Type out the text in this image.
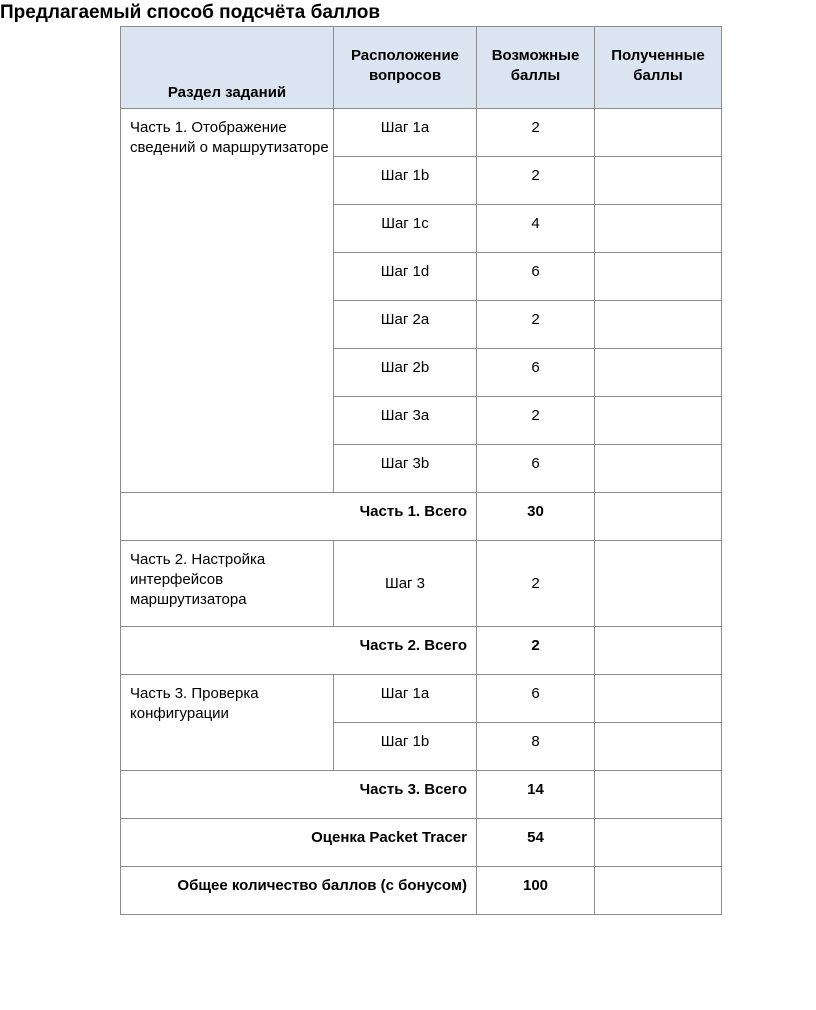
Предлагаемый способ подсчёта баллов
Раздел заданий	Расположение вопросов	Возможные баллы	Полученные баллы
Часть 1. Отображение сведений о маршрутизаторе	Шаг 1a	2	
	Шаг 1b	2	
	Шаг 1c	4	
	Шаг 1d	6	
	Шаг 2a	2	
	Шаг 2b	6	
	Шаг 3a	2	
	Шаг 3b	6	
Часть 1. Всего		30	
Часть 2. Настройка интерфейсов маршрутизатора	Шаг 3	2	
Часть 2. Всего		2	
Часть 3. Проверка конфигурации	Шаг 1a	6	
	Шаг 1b	8	
Часть 3. Всего		14	
Оценка Packet Tracer		54	
Общее количество баллов (с бонусом)		100	
